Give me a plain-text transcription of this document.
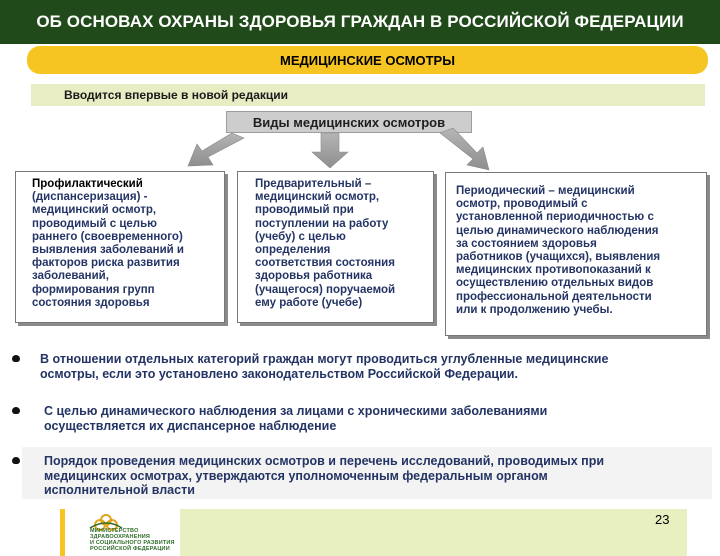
ОБ ОСНОВАХ ОХРАНЫ ЗДОРОВЬЯ ГРАЖДАН В РОССИЙСКОЙ ФЕДЕРАЦИИ
МЕДИЦИНСКИЕ ОСМОТРЫ
Вводится впервые в новой редакции
Виды медицинских осмотров
Профилактический
(диспансеризация) -
медицинский осмотр,
проводимый с целью
раннего (своевременного)
выявления заболеваний и
факторов риска развития
заболеваний,
формирования групп
состояния здоровья
Предварительный –
медицинский осмотр,
проводимый при
поступлении на работу
(учебу) с целью
определения
соответствия состояния
здоровья работника
(учащегося) поручаемой
ему работе (учебе)
Периодический – медицинский
осмотр, проводимый с
установленной периодичностью с
целью динамического наблюдения
за состоянием здоровья
работников (учащихся), выявления
медицинских противопоказаний к
осуществлению отдельных видов
профессиональной деятельности
или к продолжению учебы.
В отношении отдельных категорий граждан могут проводиться углубленные медицинские
осмотры, если это установлено законодательством Российской Федерации.
С целью динамического наблюдения за лицами с хроническими заболеваниями
осуществляется их диспансерное наблюдение
Порядок проведения медицинских осмотров и перечень исследований, проводимых при
медицинских осмотрах, утверждаются уполномоченным федеральным органом
исполнительной власти
МИНИСТЕРСТВО
ЗДРАВООХРАНЕНИЯ
И СОЦИАЛЬНОГО РАЗВИТИЯ
РОССИЙСКОЙ ФЕДЕРАЦИИ
23
